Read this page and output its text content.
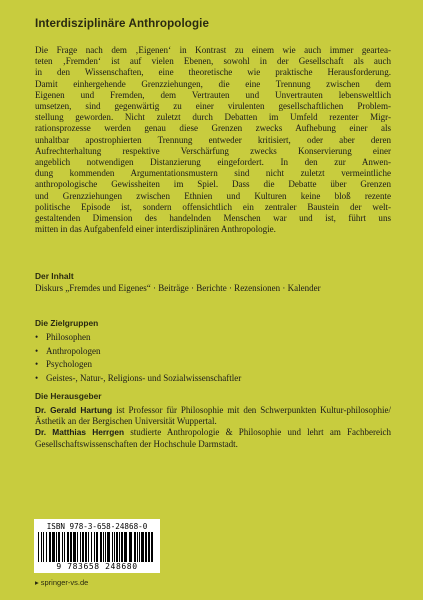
Interdisziplinäre Anthropologie
Die Frage nach dem ‚Eigenen‘ in Kontrast zu einem wie auch immer geartea-
teten ‚Fremden‘ ist auf vielen Ebenen, sowohl in der Gesellschaft als auch
in den Wissenschaften, eine theoretische wie praktische Herausforderung.
Damit einhergehende Grenzziehungen, die eine Trennung zwischen dem
Eigenen und Fremden, dem Vertrauten und Unvertrauten lebensweltlich
umsetzen, sind gegenwärtig zu einer virulenten gesellschaftlichen Problem-
stellung geworden. Nicht zuletzt durch Debatten im Umfeld rezenter Migr-
rationsprozesse werden genau diese Grenzen zwecks Aufhebung einer als
unhaltbar apostrophierten Trennung entweder kritisiert, oder aber deren
Aufrechterhaltung respektive Verschärfung zwecks Konservierung einer
angeblich notwendigen Distanzierung eingefordert. In den zur Anwen-
dung kommenden Argumentationsmustern sind nicht zuletzt vermeintliche
anthropologische Gewissheiten im Spiel. Dass die Debatte über Grenzen
und Grenzziehungen zwischen Ethnien und Kulturen keine bloß rezente
politische Episode ist, sondern offensichtlich ein zentraler Baustein der welt-
gestaltenden Dimension des handelnden Menschen war und ist, führt uns
mitten in das Aufgabenfeld einer interdisziplinären Anthropologie.
Der Inhalt
Diskurs „Fremdes und Eigenes“ · Beiträge · Berichte · Rezensionen · Kalender
Die Zielgruppen
• Philosophen
• Anthropologen
• Psychologen
• Geistes-, Natur-, Religions- und Sozialwissenschaftler
Die Herausgeber

Dr. Gerald Hartung ist Professor für Philosophie mit den Schwerpunkten Kultur-philosophie/Ästhetik an der Bergischen Universität Wuppertal.

Dr. Matthias Herrgen studierte Anthropologie & Philosophie und lehrt am Fachbereich Gesellschaftswissenschaften der Hochschule Darmstadt.

ISBN 978-3-658-24868-0
9 783658 248680
▸ springer-vs.de
